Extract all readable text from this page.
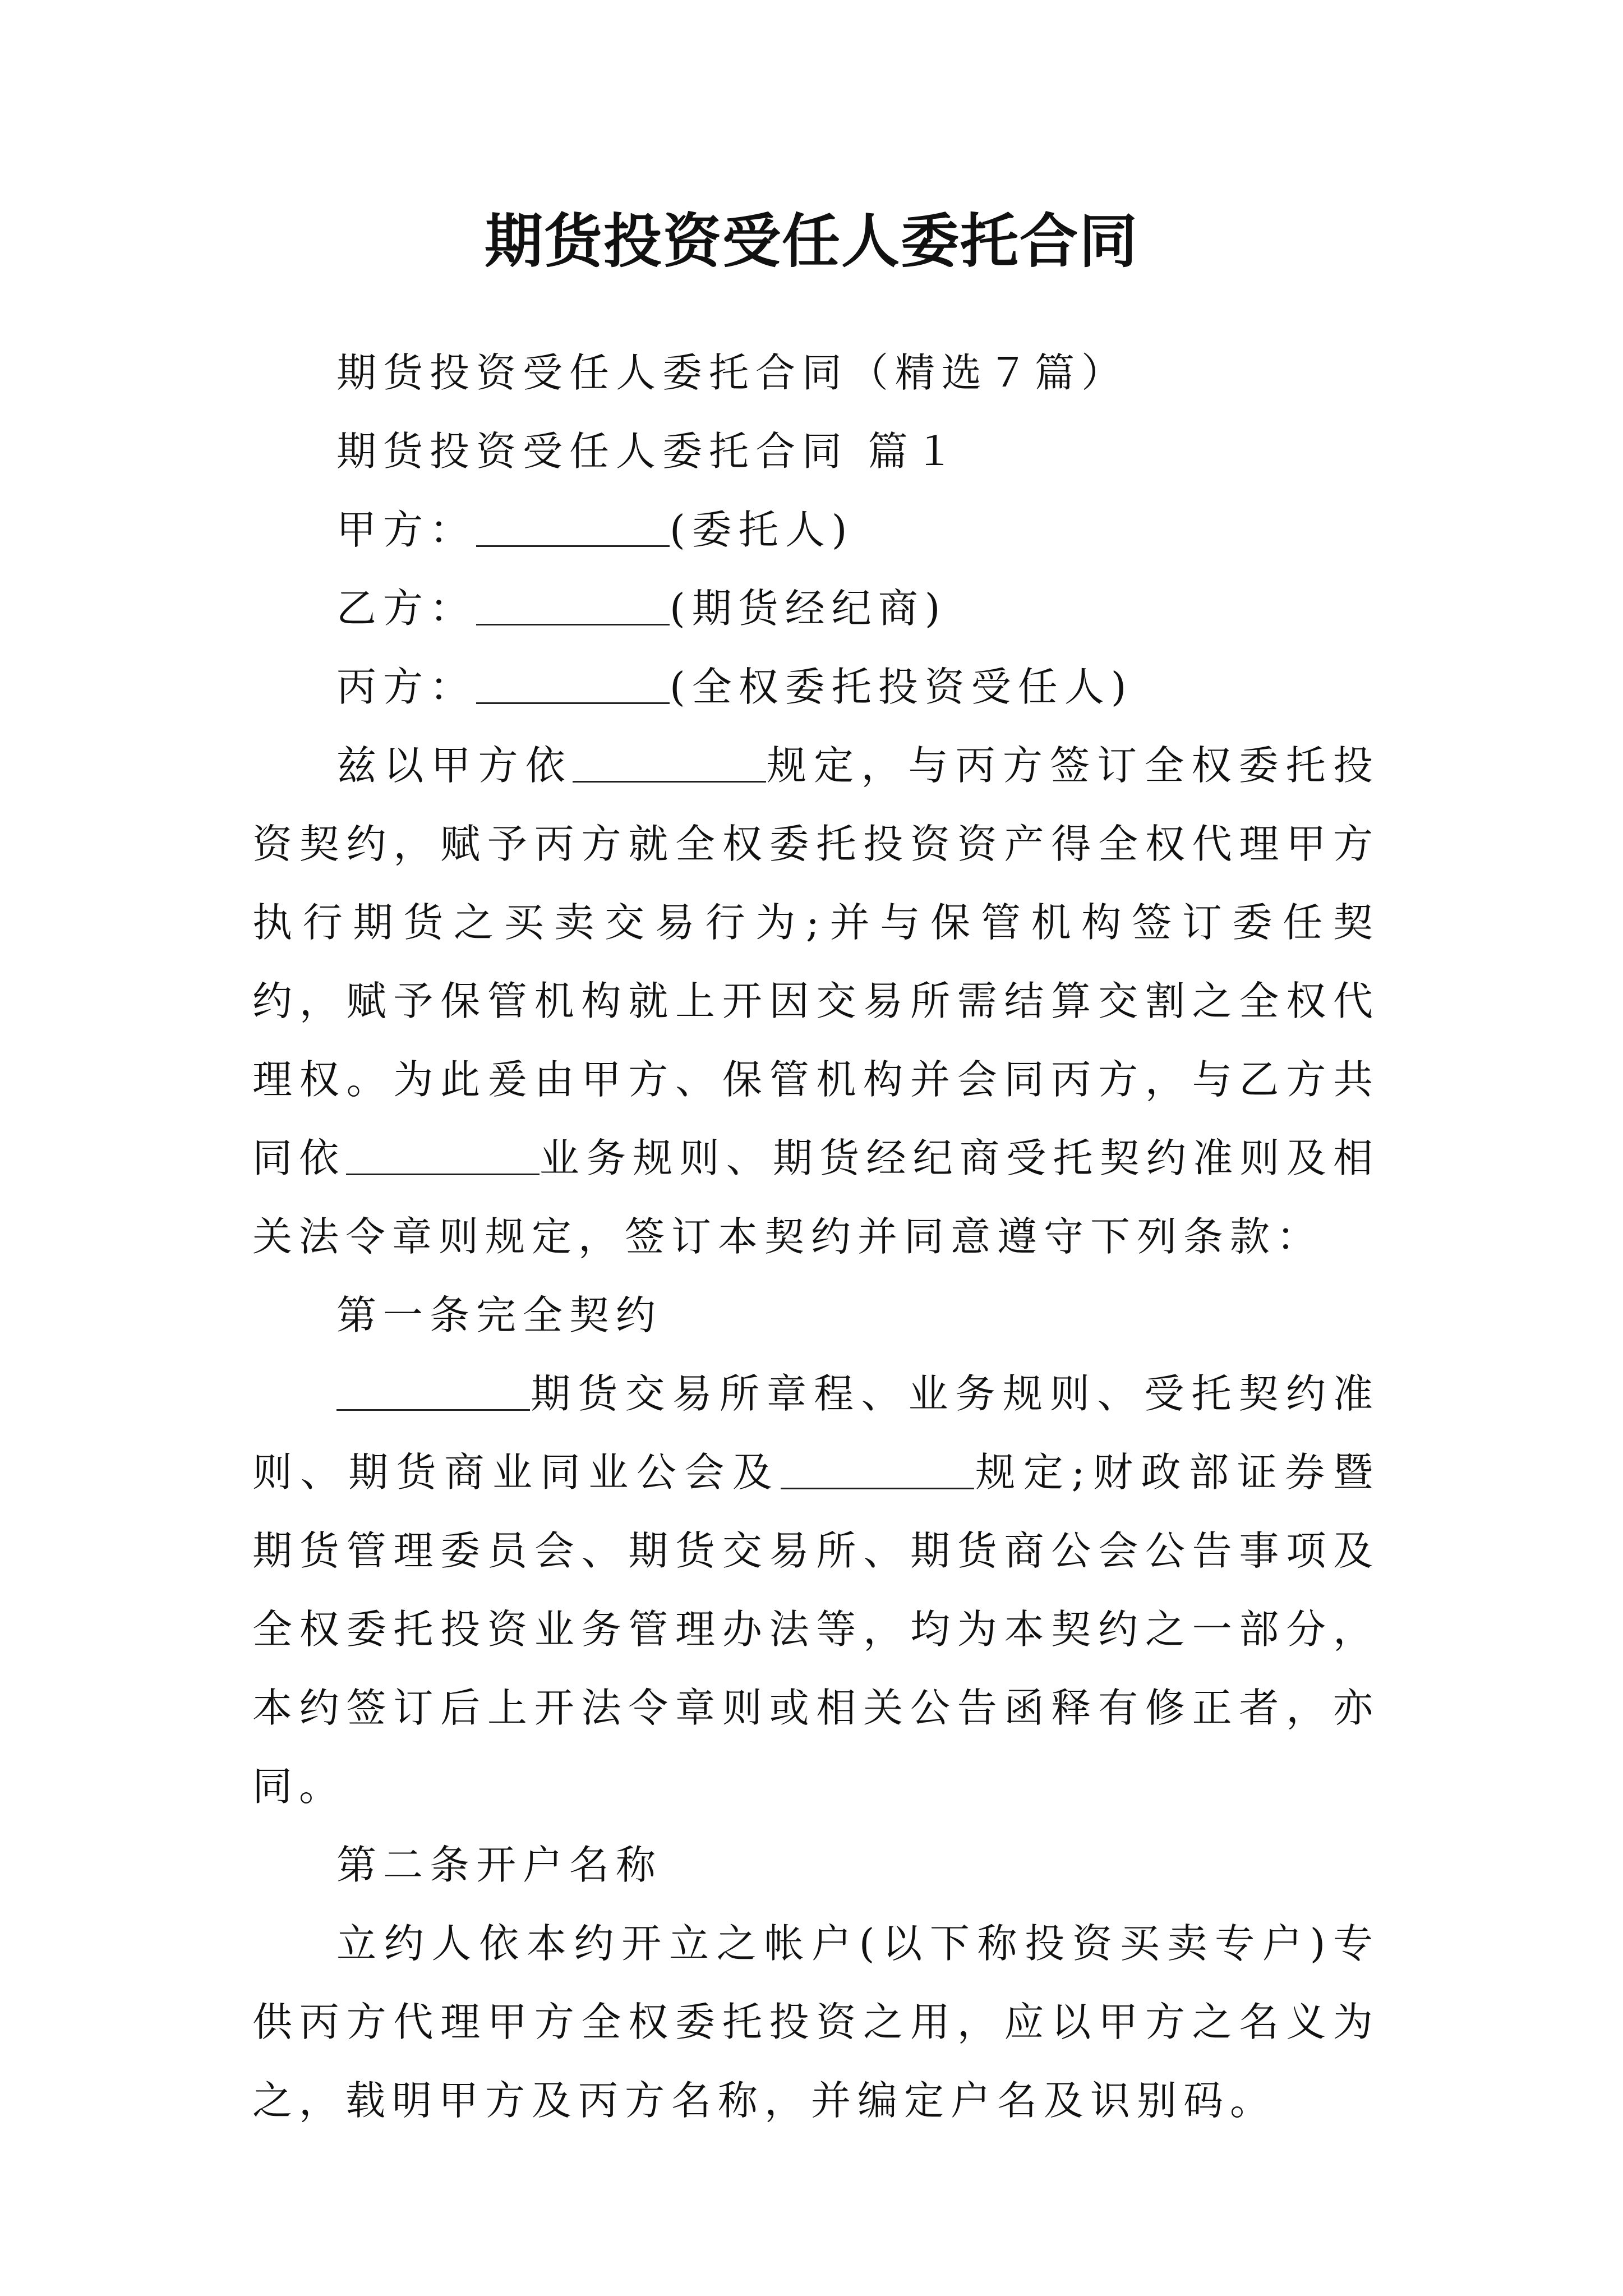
期货投资受任人委托合同

期货投资受任人委托合同（精选７篇）

期货投资受任人委托合同 篇１

甲方：	(委托人)

乙方：	(期货经纪商)

丙方：	(全权委托投资受任人)

兹以甲方依	规定，与丙方签订全权委托投资契约，赋予丙方就全权委托投资资产得全权代理甲方执行期货之买卖交易行为;并与保管机构签订委任契约，赋予保管机构就上开因交易所需结算交割之全权代理权。为此爰由甲方、保管机构并会同丙方，与乙方共同依	业务规则、期货经纪商受托契约准则及相关法令章则规定，签订本契约并同意遵守下列条款：

第一条完全契约

期货交易所章程、业务规则、受托契约准则、期货商业同业公会及	规定;财政部证券暨期货管理委员会、期货交易所、期货商公会公告事项及全权委托投资业务管理办法等，均为本契约之一部分，本约签订后上开法令章则或相关公告函释有修正者，亦同。

第二条开户名称

立约人依本约开立之帐户(以下称投资买卖专户)专供丙方代理甲方全权委托投资之用，应以甲方之名义为之，载明甲方及丙方名称，并编定户名及识别码。
